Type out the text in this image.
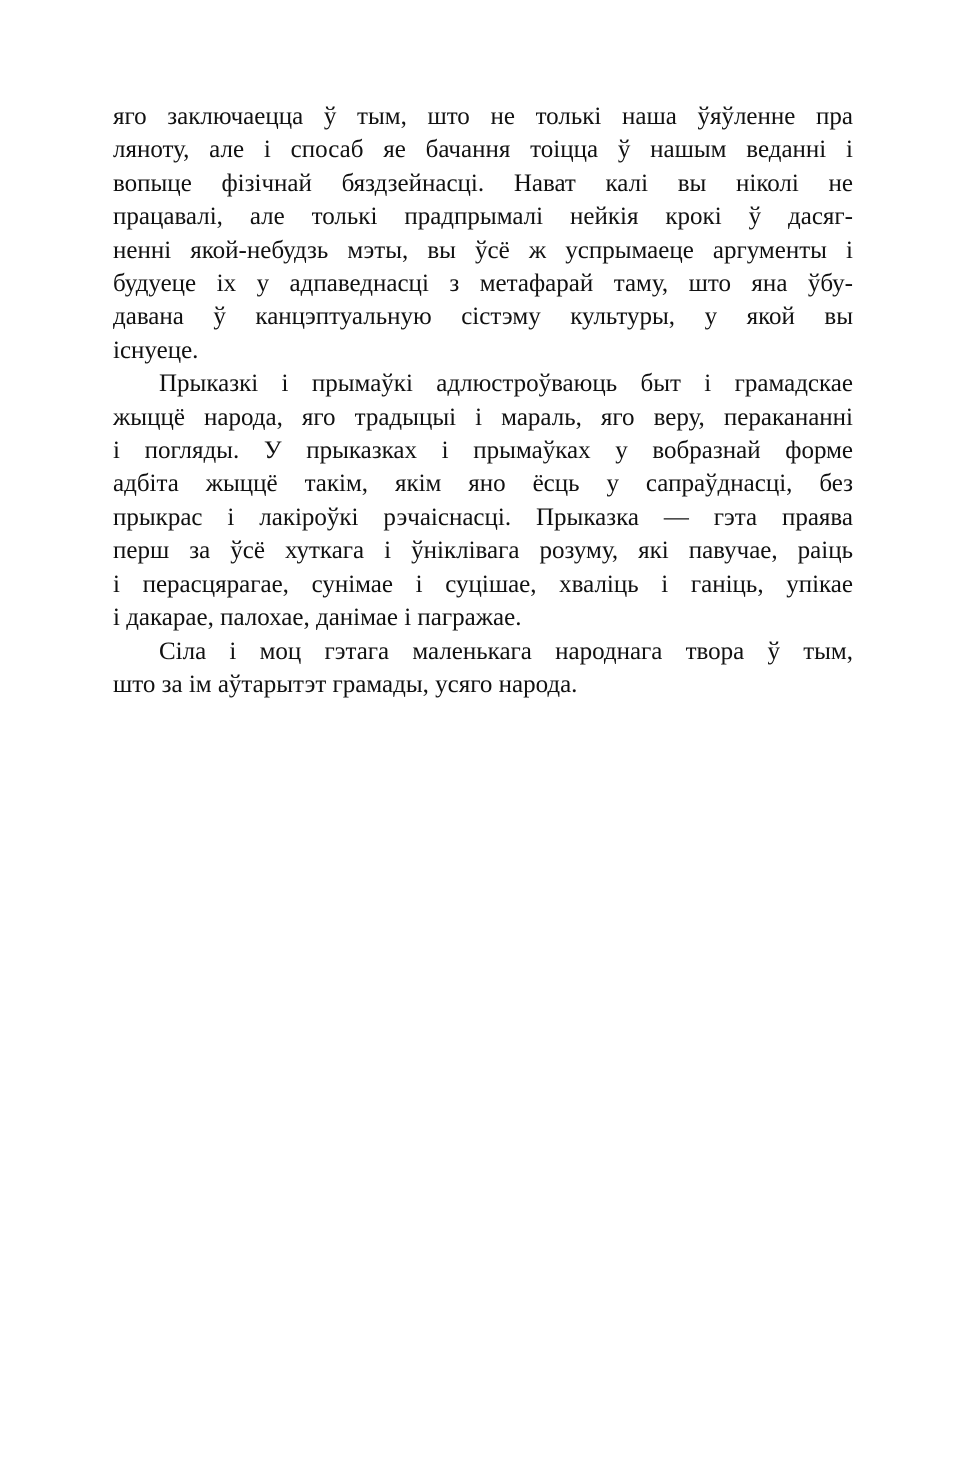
яго заключаецца ў тым, што не толькі наша ўяўленне пра
ляноту, але і спосаб яе бачання тоіцца ў нашым веданні і
вопыце фізічнай бяздзейнасці. Нават калі вы ніколі не
працавалі, але толькі прадпрымалі нейкія крокі ў дасяг-
ненні якой-небудзь мэты, вы ўсё ж успрымаеце аргументы і
будуеце іх у адпаведнасці з метафарай таму, што яна ўбу-
давана ў канцэптуальную сістэму культуры, у якой вы
існуеце.
Прыказкі і прымаўкі адлюстроўваюць быт і грамадскае
жыццё народа, яго традыцыі і мараль, яго веру, перакананні
і погляды. У прыказках і прымаўках у вобразнай форме
адбіта жыццё такім, якім яно ёсць у сапраўднасці, без
прыкрас і лакіроўкі рэчаіснасці. Прыказка — гэта праява
перш за ўсё хуткага і ўніклівага розуму, які павучае, раіць
і перасцярагае, сунімае і суцішае, хваліць і ганіць, упікае
і дакарае, палохае, данімае і пагражае.
Сіла і моц гэтага маленькага народнага твора ў тым,
што за ім аўтарытэт грамады, усяго народа.
